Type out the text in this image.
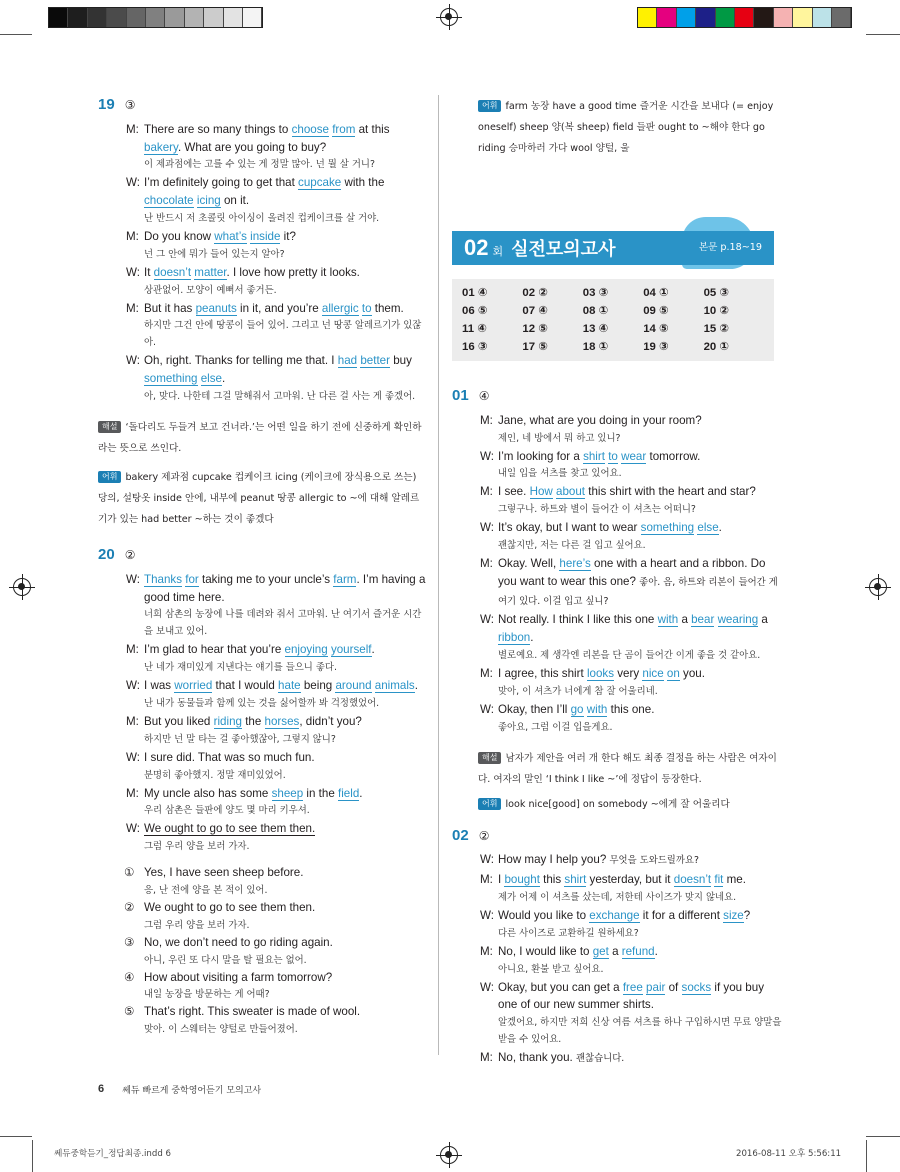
19 ③
M: There are so many things to choose from at this bakery. What are you going to buy?
이 제과점에는 고를 수 있는 게 정말 많아. 넌 뭘 살 거니?
W: I’m definitely going to get that cupcake with the chocolate icing on it.
난 반드시 저 초콜릿 아이싱이 올려진 컵케이크를 살 거야.
M: Do you know what’s inside it?
넌 그 안에 뭐가 들어 있는지 알아?
W: It doesn’t matter. I love how pretty it looks.
상관없어. 모양이 예뻐서 좋거든.
M: But it has peanuts in it, and you’re allergic to them.
하지만 그건 안에 땅콩이 들어 있어. 그리고 넌 땅콩 알레르기가 있잖아.
W: Oh, right. Thanks for telling me that. I had better buy something else.
아, 맞다. 나한테 그걸 말해줘서 고마워. 난 다른 걸 사는 게 좋겠어.
해설 ‘돌다리도 두들겨 보고 건너라.’는 어떤 일을 하기 전에 신중하게 확인하라는 뜻으로 쓰인다.
어휘 bakery 제과점 cupcake 컵케이크 icing (케이크에 장식용으로 쓰는) 당의, 설탕옷 inside 안에, 내부에 peanut 땅콩 allergic to ~에 대해 알레르기가 있는 had better ~하는 것이 좋겠다
20 ②
W: Thanks for taking me to your uncle’s farm. I’m having a good time here.
너희 삼촌의 농장에 나를 데려와 줘서 고마워. 난 여기서 즐거운 시간을 보내고 있어.
M: I’m glad to hear that you’re enjoying yourself.
난 네가 재미있게 지낸다는 얘기를 들으니 좋다.
W: I was worried that I would hate being around animals.
난 내가 동물들과 함께 있는 것을 싫어할까 봐 걱정했었어.
M: But you liked riding the horses, didn’t you?
하지만 넌 말 타는 걸 좋아했잖아, 그렇지 않니?
W: I sure did. That was so much fun.
분명히 좋아했지. 정말 재미있었어.
M: My uncle also has some sheep in the field.
우리 삼촌은 들판에 양도 몇 마리 키우셔.
W: We ought to go to see them then.
그럼 우리 양을 보러 가자.
① Yes, I have seen sheep before.
응, 난 전에 양을 본 적이 있어.
② We ought to go to see them then.
그럼 우리 양을 보러 가자.
③ No, we don’t need to go riding again.
아니, 우린 또 다시 말을 탈 필요는 없어.
④ How about visiting a farm tomorrow?
내일 농장을 방문하는 게 어때?
⑤ That’s right. This sweater is made of wool.
맞아. 이 스웨터는 양털로 만들어졌어.
어휘 farm 농장 have a good time 즐거운 시간을 보내다 (= enjoy oneself) sheep 양(복 sheep) field 들판 ought to ~해야 한다 go riding 승마하러 가다 wool 양털, 울
02 회 실전모의고사	본문 p.18~19
01 ④	02 ②	03 ③	04 ①	05 ③
06 ⑤	07 ④	08 ①	09 ⑤	10 ②
11 ④	12 ⑤	13 ④	14 ⑤	15 ②
16 ③	17 ⑤	18 ①	19 ③	20 ①
01 ④
M: Jane, what are you doing in your room?
제인, 네 방에서 뭐 하고 있니?
W: I’m looking for a shirt to wear tomorrow.
내일 입을 셔츠를 찾고 있어요.
M: I see. How about this shirt with the heart and star?
그렇구나. 하트와 별이 들어간 이 셔츠는 어떠니?
W: It’s okay, but I want to wear something else.
괜찮지만, 저는 다른 걸 입고 싶어요.
M: Okay. Well, here’s one with a heart and a ribbon. Do you want to wear this one? 좋아. 음, 하트와 리본이 들어간 게 여기 있다. 이걸 입고 싶니?
W: Not really. I think I like this one with a bear wearing a ribbon.
별로예요. 제 생각엔 리본을 단 곰이 들어간 이게 좋을 것 같아요.
M: I agree, this shirt looks very nice on you.
맞아, 이 셔츠가 너에게 참 잘 어울리네.
W: Okay, then I’ll go with this one.
좋아요, 그럼 이걸 입을게요.
해설 남자가 제안을 여러 개 한다 해도 최종 결정을 하는 사람은 여자이다. 여자의 말인 ‘I think I like ~’에 정답이 등장한다.
어휘 look nice[good] on somebody ~에게 잘 어울리다
02 ②
W: How may I help you? 무엇을 도와드릴까요?
M: I bought this shirt yesterday, but it doesn’t fit me.
제가 어제 이 셔츠를 샀는데, 저한테 사이즈가 맞지 않네요.
W: Would you like to exchange it for a different size?
다른 사이즈로 교환하길 원하세요?
M: No, I would like to get a refund.
아니요, 환불 받고 싶어요.
W: Okay, but you can get a free pair of socks if you buy one of our new summer shirts.
알겠어요, 하지만 저희 신상 여름 셔츠를 하나 구입하시면 무료 양말을 받을 수 있어요.
M: No, thank you. 괜찮습니다.
6 쎄듀 빠르게 중학영어듣기 모의고사
쎄듀중학듣기_정답최종.indd 6	2016-08-11 오후 5:56:11
